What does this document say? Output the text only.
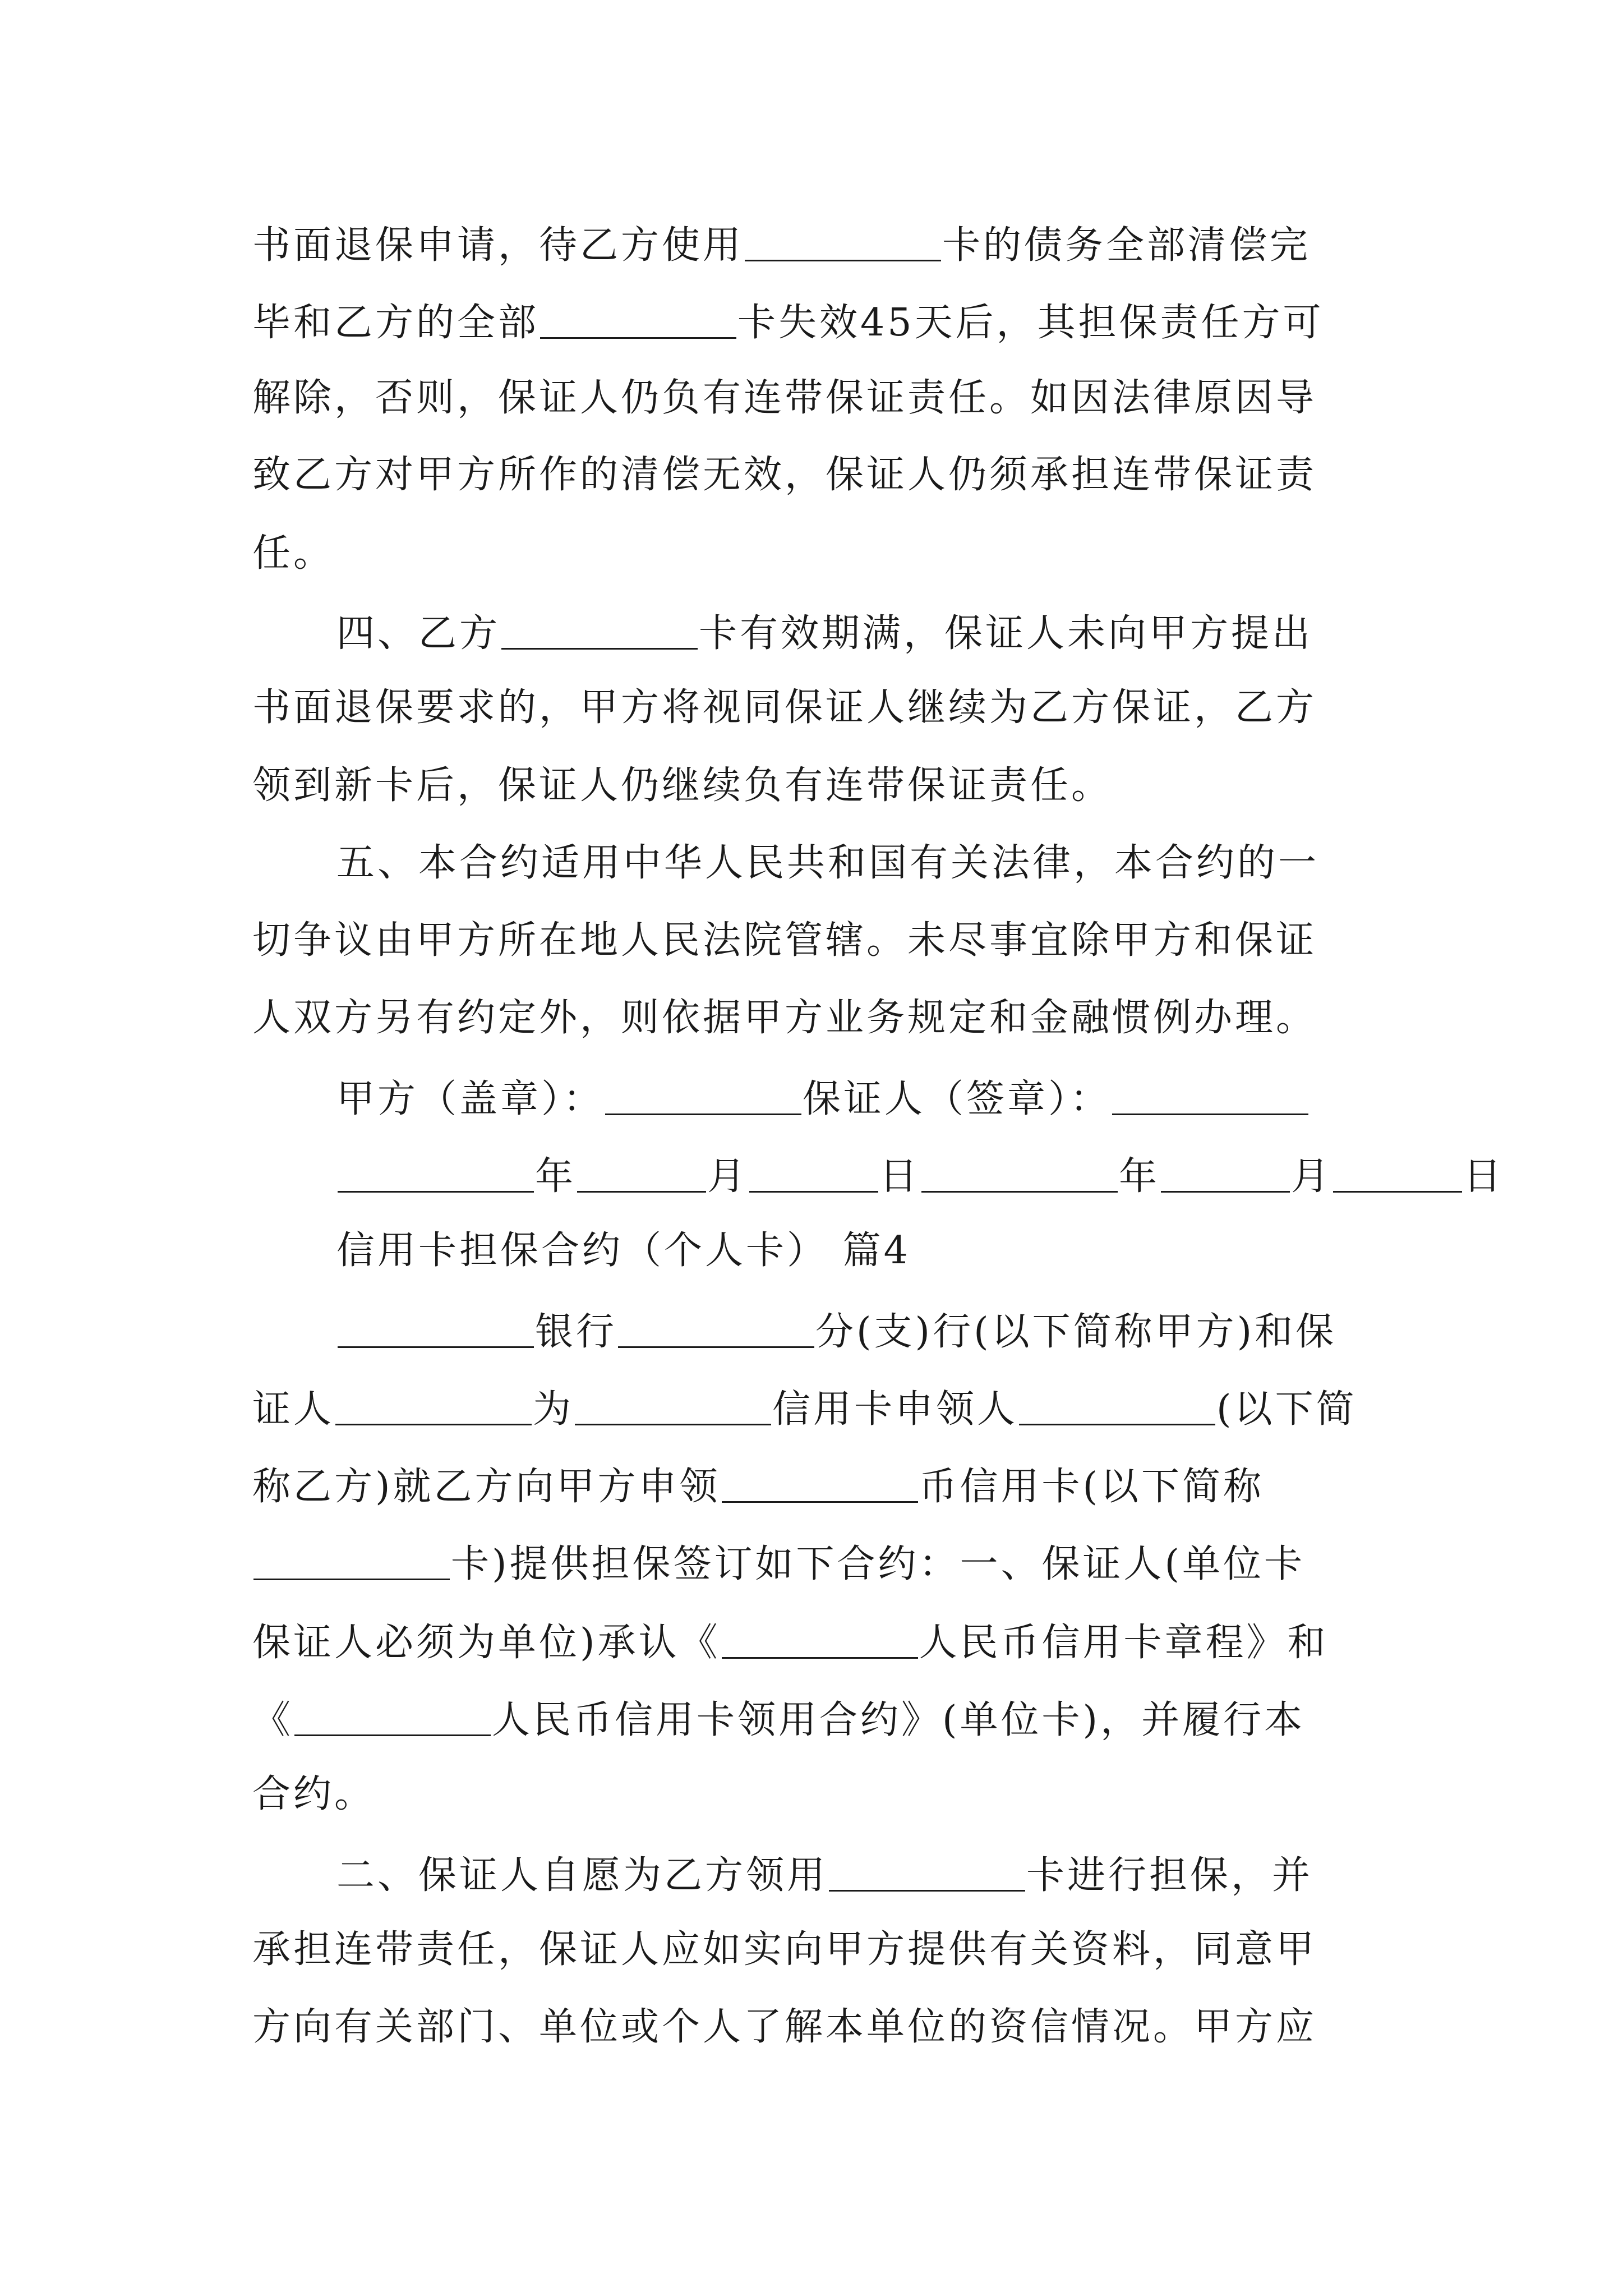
书面退保申请，待乙方使用	卡的债务全部清偿完
毕和乙方的全部	卡失效45天后，其担保责任方可
解除，否则，保证人仍负有连带保证责任。如因法律原因导
致乙方对甲方所作的清偿无效，保证人仍须承担连带保证责
任。
四、乙方	卡有效期满，保证人未向甲方提出
书面退保要求的，甲方将视同保证人继续为乙方保证，乙方
领到新卡后，保证人仍继续负有连带保证责任。
五、本合约适用中华人民共和国有关法律，本合约的一
切争议由甲方所在地人民法院管辖。未尽事宜除甲方和保证
人双方另有约定外，则依据甲方业务规定和金融惯例办理。
甲方（盖章）：	保证人（签章）：
年	月	日	年	月	日
信用卡担保合约（个人卡） 篇4
银行	分(支)行(以下简称甲方)和保
证人	为	信用卡申领人	(以下简
称乙方)就乙方向甲方申领	币信用卡(以下简称
卡)提供担保签订如下合约：一、保证人(单位卡
保证人必须为单位)承认《	人民币信用卡章程》和
《	人民币信用卡领用合约》(单位卡)，并履行本
合约。
二、保证人自愿为乙方领用	卡进行担保，并
承担连带责任，保证人应如实向甲方提供有关资料，同意甲
方向有关部门、单位或个人了解本单位的资信情况。甲方应
